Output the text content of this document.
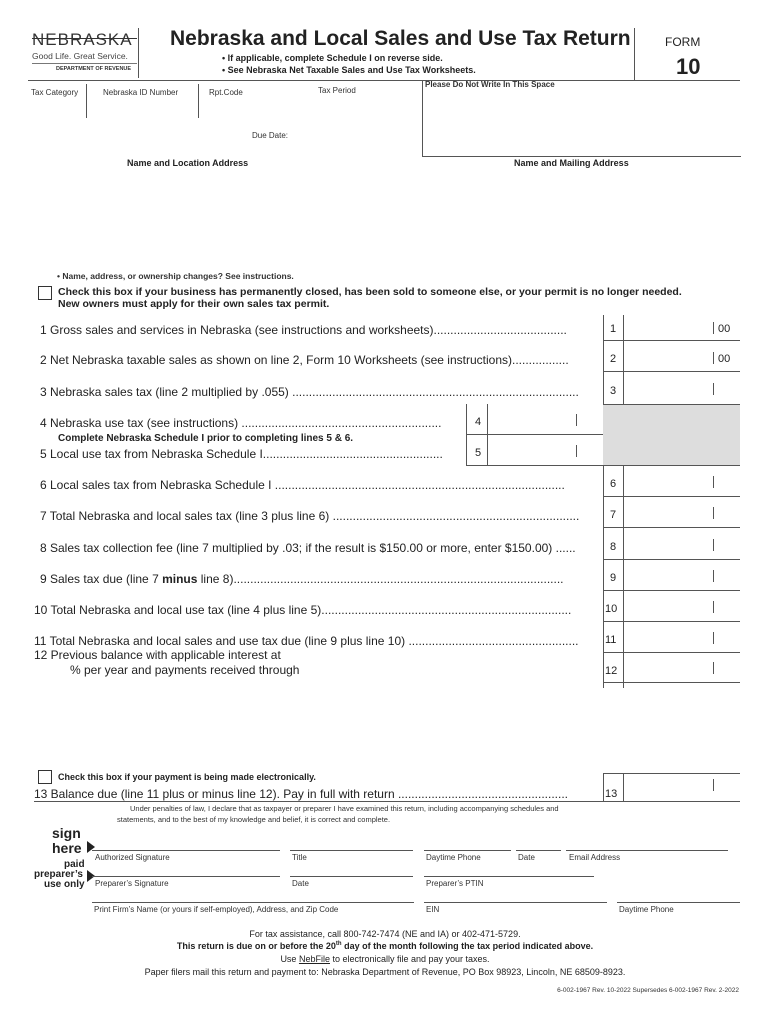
NEBRASKA
Good Life. Great Service.
DEPARTMENT OF REVENUE
Nebraska and Local Sales and Use Tax Return
• If applicable, complete Schedule I on reverse side.
• See Nebraska Net Taxable Sales and Use Tax Worksheets.
FORM
10
Tax Category	Nebraska ID Number	Rpt.Code	Tax Period
Due Date:
Please Do Not Write In This Space
Name and Location Address	Name and Mailing Address
• Name, address, or ownership changes? See instructions.
Check this box if your business has permanently closed, has been sold to someone else, or your permit is no longer needed.
New owners must apply for their own sales tax permit.
1 Gross sales and services in Nebraska (see instructions and worksheets)........................................	1	00
2 Net Nebraska taxable sales as shown on line 2, Form 10 Worksheets (see instructions).................	2	00
3 Nebraska sales tax (line 2 multiplied by .055) ......................................................................................	3
4 Nebraska use tax (see instructions) ............................................................	4
Complete Nebraska Schedule I prior to completing lines 5 & 6.
5 Local use tax from Nebraska Schedule I......................................................	5
6 Local sales tax from Nebraska Schedule I .......................................................................................	6
7 Total Nebraska and local sales tax (line 3 plus line 6) ..........................................................................	7
8 Sales tax collection fee (line 7 multiplied by .03; if the result is $150.00 or more, enter $150.00) ......	8
9 Sales tax due (line 7 minus line 8)...................................................................................................	9
10 Total Nebraska and local use tax (line 4 plus line 5)...........................................................................	10
11 Total Nebraska and local sales and use tax due (line 9 plus line 10) ................................................... 11
12 Previous balance with applicable interest at
% per year and payments received through	12
Check this box if your payment is being made electronically.
13 Balance due (line 11 plus or minus line 12). Pay in full with return ...................................................	13
Under penalties of law, I declare that as taxpayer or preparer I have examined this return, including accompanying schedules and
statements, and to the best of my knowledge and belief, it is correct and complete.
sign
here
paid
preparer’s
use only
Authorized Signature	Title	Daytime Phone	Date	Email Address
Preparer’s Signature	Date	Preparer’s PTIN
Print Firm’s Name (or yours if self-employed), Address, and Zip Code	EIN	Daytime Phone
For tax assistance, call 800-742-7474 (NE and IA) or 402-471-5729.
This return is due on or before the 20th day of the month following the tax period indicated above.
Use NebFile to electronically file and pay your taxes.
Paper filers mail this return and payment to: Nebraska Department of Revenue, PO Box 98923, Lincoln, NE 68509-8923.
6-002-1967 Rev. 10-2022 Supersedes 6-002-1967 Rev. 2-2022
